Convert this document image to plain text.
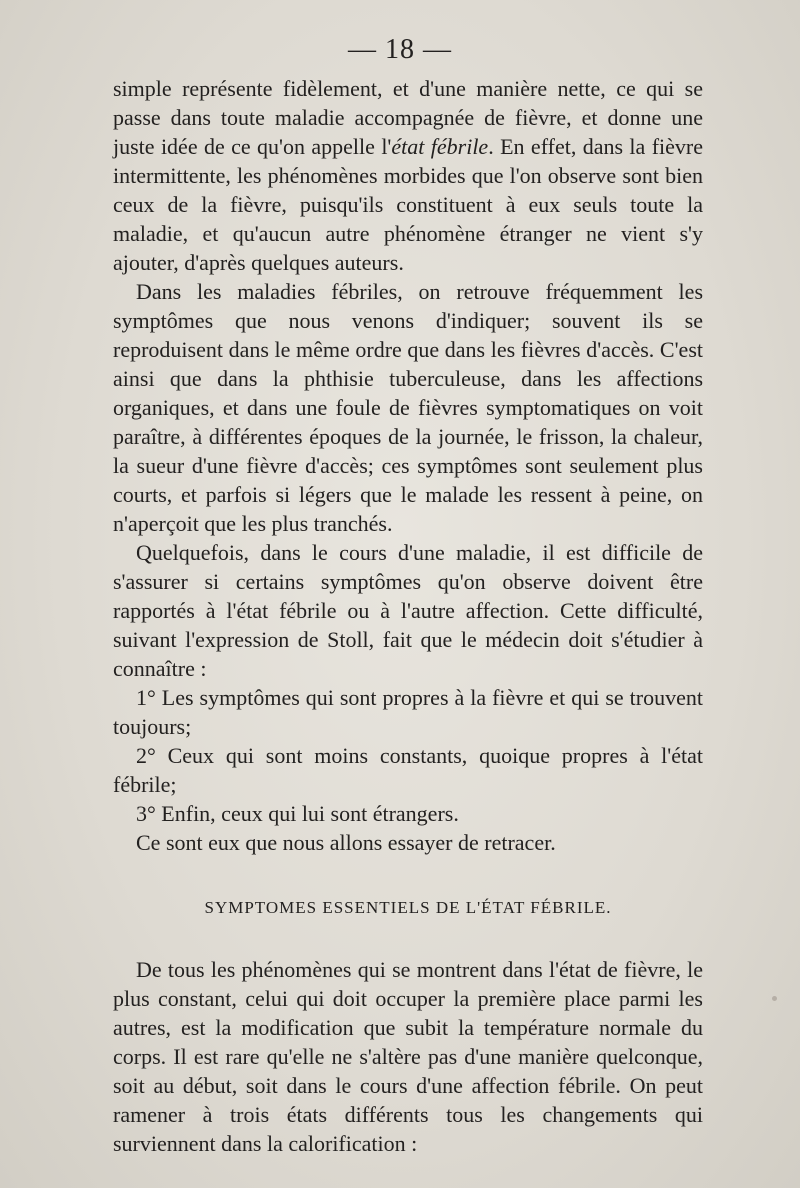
— 18 —

simple représente fidèlement, et d'une manière nette, ce qui se passe dans toute maladie accompagnée de fièvre, et donne une juste idée de ce qu'on appelle l'état fébrile. En effet, dans la fièvre intermittente, les phénomènes morbides que l'on observe sont bien ceux de la fièvre, puisqu'ils constituent à eux seuls toute la maladie, et qu'aucun autre phénomène étranger ne vient s'y ajouter, d'après quelques auteurs.

Dans les maladies fébriles, on retrouve fréquemment les symptômes que nous venons d'indiquer; souvent ils se reproduisent dans le même ordre que dans les fièvres d'accès. C'est ainsi que dans la phthisie tuberculeuse, dans les affections organiques, et dans une foule de fièvres symptomatiques on voit paraître, à différentes époques de la journée, le frisson, la chaleur, la sueur d'une fièvre d'accès; ces symptômes sont seulement plus courts, et parfois si légers que le malade les ressent à peine, on n'aperçoit que les plus tranchés.

Quelquefois, dans le cours d'une maladie, il est difficile de s'assurer si certains symptômes qu'on observe doivent être rapportés à l'état fébrile ou à l'autre affection. Cette difficulté, suivant l'expression de Stoll, fait que le médecin doit s'étudier à connaître :

1° Les symptômes qui sont propres à la fièvre et qui se trouvent toujours;

2° Ceux qui sont moins constants, quoique propres à l'état fébrile;

3° Enfin, ceux qui lui sont étrangers.

Ce sont eux que nous allons essayer de retracer.

SYMPTOMES ESSENTIELS DE L'ÉTAT FÉBRILE.

De tous les phénomènes qui se montrent dans l'état de fièvre, le plus constant, celui qui doit occuper la première place parmi les autres, est la modification que subit la température normale du corps. Il est rare qu'elle ne s'altère pas d'une manière quelconque, soit au début, soit dans le cours d'une affection fébrile. On peut ramener à trois états différents tous les changements qui surviennent dans la calorification :
